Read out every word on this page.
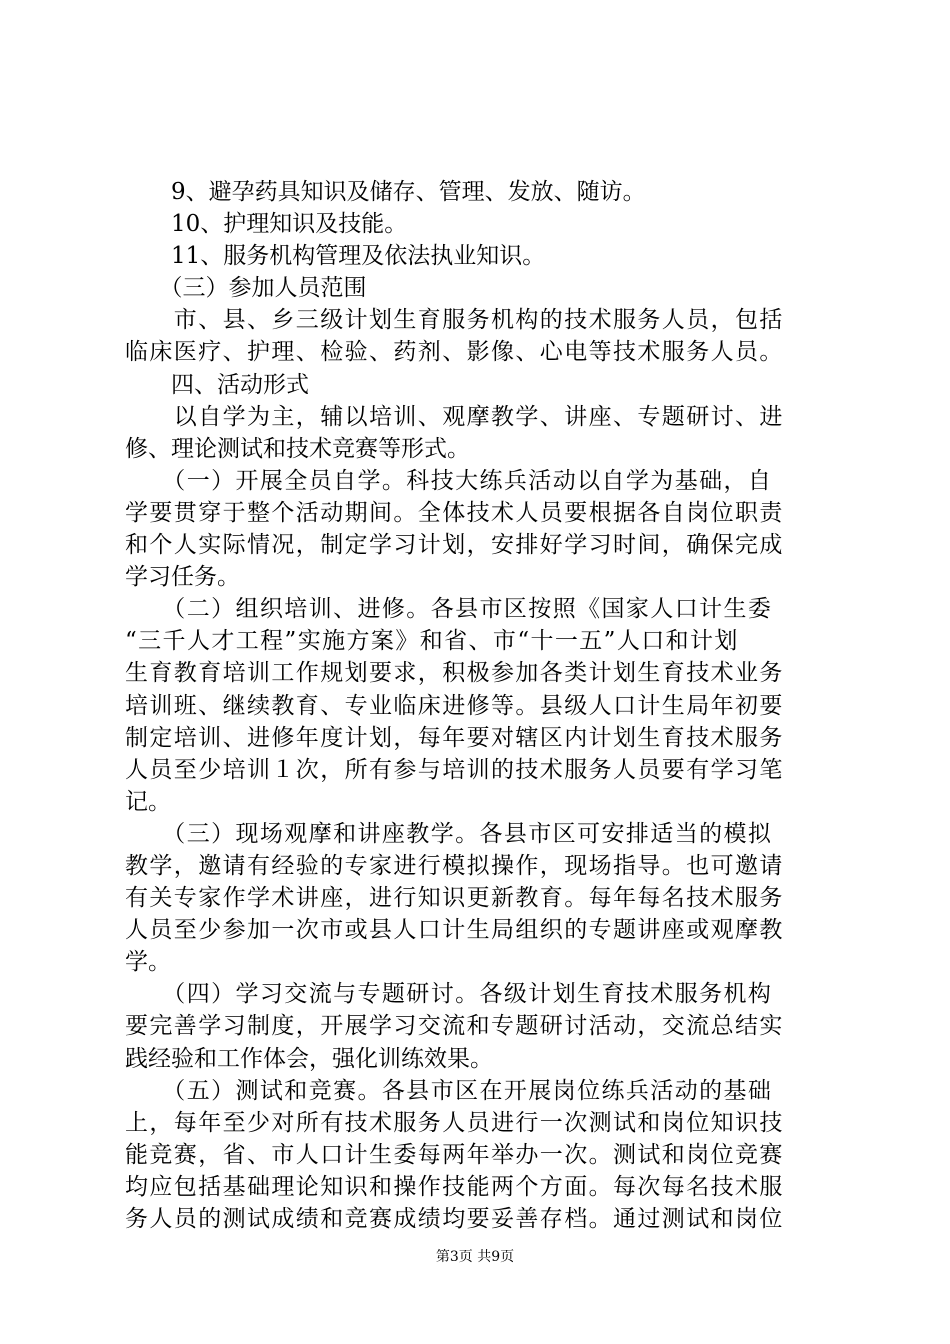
　　9、避孕药具知识及储存、管理、发放、随访。
　　10、护理知识及技能。
　　11、服务机构管理及依法执业知识。
　　（三）参加人员范围
　　市、县、乡三级计划生育服务机构的技术服务人员，包括
临床医疗、护理、检验、药剂、影像、心电等技术服务人员。
　　四、活动形式
　　以自学为主，辅以培训、观摩教学、讲座、专题研讨、进
修、理论测试和技术竞赛等形式。
　　（一）开展全员自学。科技大练兵活动以自学为基础，自
学要贯穿于整个活动期间。全体技术人员要根据各自岗位职责
和个人实际情况，制定学习计划，安排好学习时间，确保完成
学习任务。
　　（二）组织培训、进修。各县市区按照《国家人口计生委
“三千人才工程”实施方案》和省、市“十一五”人口和计划
生育教育培训工作规划要求，积极参加各类计划生育技术业务
培训班、继续教育、专业临床进修等。县级人口计生局年初要
制定培训、进修年度计划，每年要对辖区内计划生育技术服务
人员至少培训１次，所有参与培训的技术服务人员要有学习笔
记。
　　（三）现场观摩和讲座教学。各县市区可安排适当的模拟
教学，邀请有经验的专家进行模拟操作，现场指导。也可邀请
有关专家作学术讲座，进行知识更新教育。每年每名技术服务
人员至少参加一次市或县人口计生局组织的专题讲座或观摩教
学。
　　（四）学习交流与专题研讨。各级计划生育技术服务机构
要完善学习制度，开展学习交流和专题研讨活动，交流总结实
践经验和工作体会，强化训练效果。
　　（五）测试和竞赛。各县市区在开展岗位练兵活动的基础
上，每年至少对所有技术服务人员进行一次测试和岗位知识技
能竞赛，省、市人口计生委每两年举办一次。测试和岗位竞赛
均应包括基础理论知识和操作技能两个方面。每次每名技术服
务人员的测试成绩和竞赛成绩均要妥善存档。通过测试和岗位
第3页 共9页
